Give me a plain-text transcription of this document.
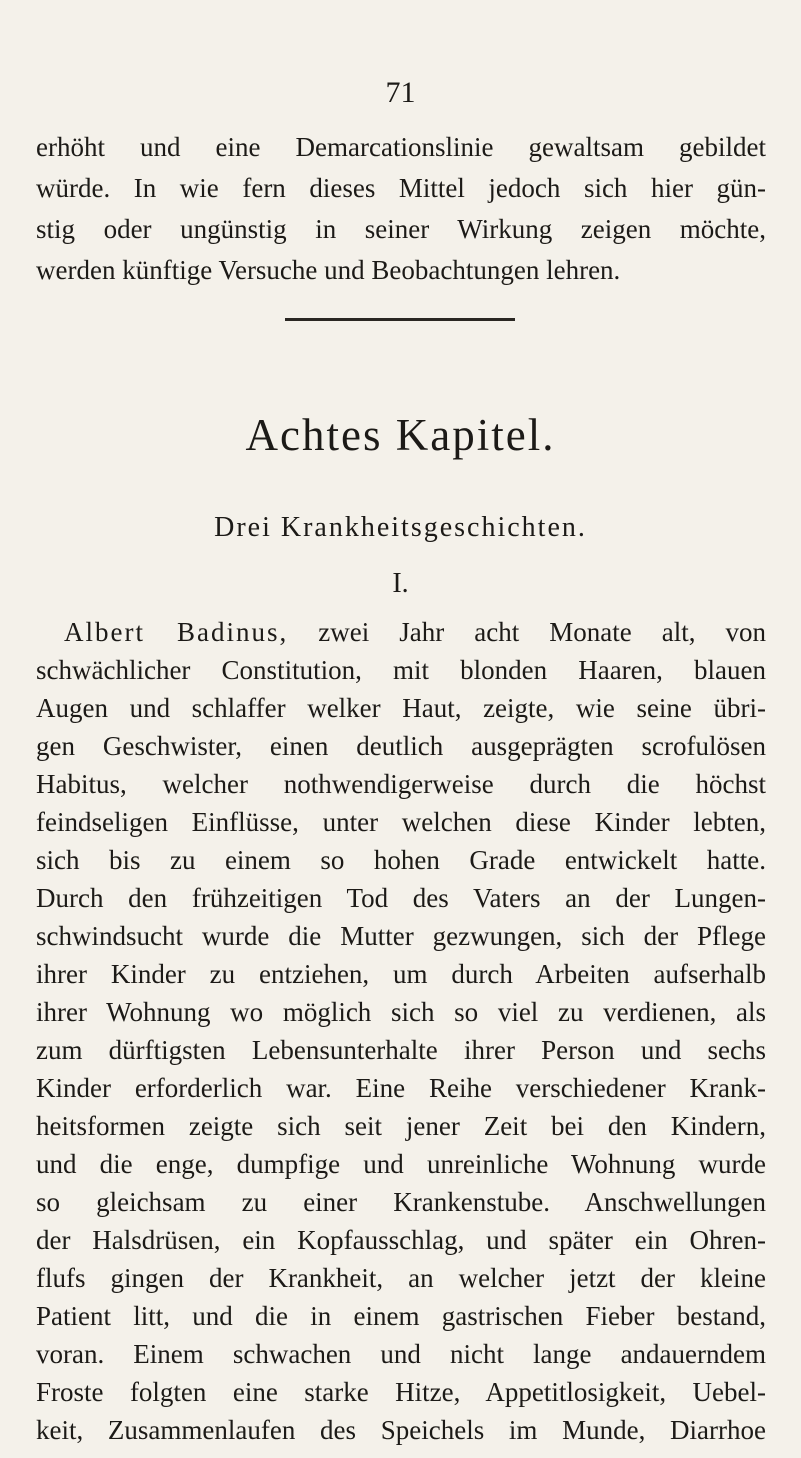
71
erhöht und eine Demarcationslinie gewaltsam gebildet
würde. In wie fern dieses Mittel jedoch sich hier gün-
stig oder ungünstig in seiner Wirkung zeigen möchte,
werden künftige Versuche und Beobachtungen lehren.
Achtes Kapitel.
Drei Krankheitsgeschichten.
I.
Albert Badinus, zwei Jahr acht Monate alt, von
schwächlicher Constitution, mit blonden Haaren, blauen
Augen und schlaffer welker Haut, zeigte, wie seine übri-
gen Geschwister, einen deutlich ausgeprägten scrofulösen
Habitus, welcher nothwendigerweise durch die höchst
feindseligen Einflüsse, unter welchen diese Kinder lebten,
sich bis zu einem so hohen Grade entwickelt hatte.
Durch den frühzeitigen Tod des Vaters an der Lungen-
schwindsucht wurde die Mutter gezwungen, sich der Pflege
ihrer Kinder zu entziehen, um durch Arbeiten aufserhalb
ihrer Wohnung wo möglich sich so viel zu verdienen, als
zum dürftigsten Lebensunterhalte ihrer Person und sechs
Kinder erforderlich war. Eine Reihe verschiedener Krank-
heitsformen zeigte sich seit jener Zeit bei den Kindern,
und die enge, dumpfige und unreinliche Wohnung wurde
so gleichsam zu einer Krankenstube. Anschwellungen
der Halsdrüsen, ein Kopfausschlag, und später ein Ohren-
flufs gingen der Krankheit, an welcher jetzt der kleine
Patient litt, und die in einem gastrischen Fieber bestand,
voran. Einem schwachen und nicht lange andauerndem
Froste folgten eine starke Hitze, Appetitlosigkeit, Uebel-
keit, Zusammenlaufen des Speichels im Munde, Diarrhoe
